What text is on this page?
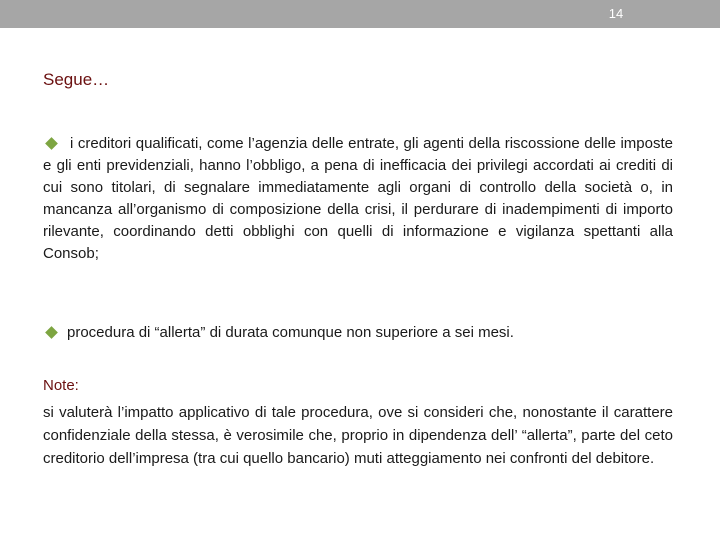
14
Segue…
i creditori qualificati, come l’agenzia delle entrate, gli agenti della riscossione delle imposte e gli enti previdenziali, hanno l’obbligo, a pena di inefficacia dei privilegi accordati ai crediti di cui sono titolari, di segnalare immediatamente agli organi di controllo della società o, in mancanza all’organismo di composizione della crisi, il perdurare di inadempimenti di importo rilevante, coordinando detti obblighi con quelli di informazione e vigilanza spettanti alla Consob;
procedura di “allerta” di durata comunque non superiore a sei mesi.
Note:
si valuterà l’impatto applicativo di tale procedura, ove si consideri che, nonostante il carattere confidenziale della stessa, è verosimile che, proprio in dipendenza dell’ “allerta”, parte del ceto creditorio dell’impresa (tra cui quello bancario) muti atteggiamento nei confronti del debitore.
